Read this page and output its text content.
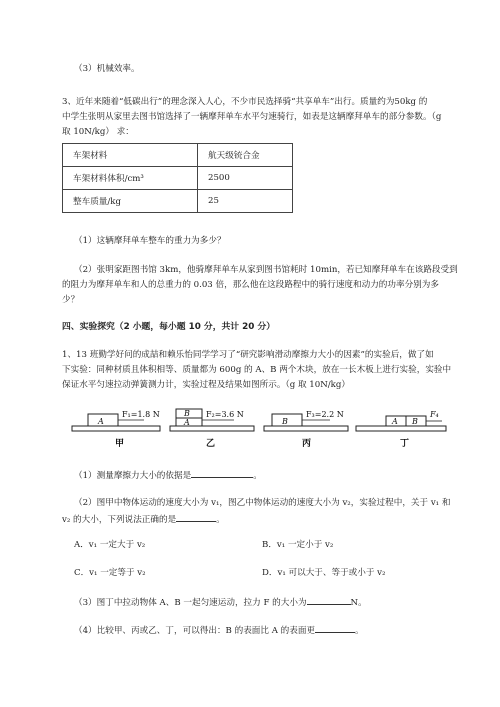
（3）机械效率。
3、近年来随着“低碳出行”的理念深入人心，不少市民选择骑“共享单车”出行。质量约为50kg 的
中学生张明从家里去图书馆选择了一辆摩拜单车水平匀速骑行，如表是这辆摩拜单车的部分参数。（g
取 10N/kg） 求：
车架材料	航天级铳合金
车架材料体积/cm³	2500
整车质量/kg	25
（1）这辆摩拜单车整车的重力为多少？
（2）张明家距图书馆 3km，他骑摩拜单车从家到图书馆耗时 10min，若已知摩拜单车在该路段受到
的阻力为摩拜单车和人的总重力的 0.03 倍，那么他在这段路程中的骑行速度和动力的功率分别为多
少？
四、实验探究（2 小题，每小题 10 分，共计 20 分）
1、13 班勤学好问的成喆和赖乐怡同学学习了“研究影响滑动摩擦力大小的因素”的实验后，做了如
下实验：同种材质且体积相等、质量都为 600g 的 A、B 两个木块，放在一长木板上进行实验，实验中
保证水平匀速拉动弹簧测力计，实验过程及结果如图所示。（g 取 10N/kg）
A
F₁=1.8 N
甲
B
A
F₂=3.6 N
乙
B
F₃=2.2 N
丙
A B
F₄
丁
（1）测量摩擦力大小的依据是	。
（2）图甲中物体运动的速度大小为 v₁，图乙中物体运动的速度大小为 v₂，实验过程中，关于 v₁ 和
v₂ 的大小，下列说法正确的是	。
A．v₁ 一定大于 v₂	B．v₁ 一定小于 v₂
C．v₁ 一定等于 v₂	D．v₁ 可以大于、等于或小于 v₂
（3）图丁中拉动物体 A、B 一起匀速运动，拉力 F 的大小为	N。
（4）比较甲、丙或乙、丁，可以得出：B 的表面比 A 的表面更	。
